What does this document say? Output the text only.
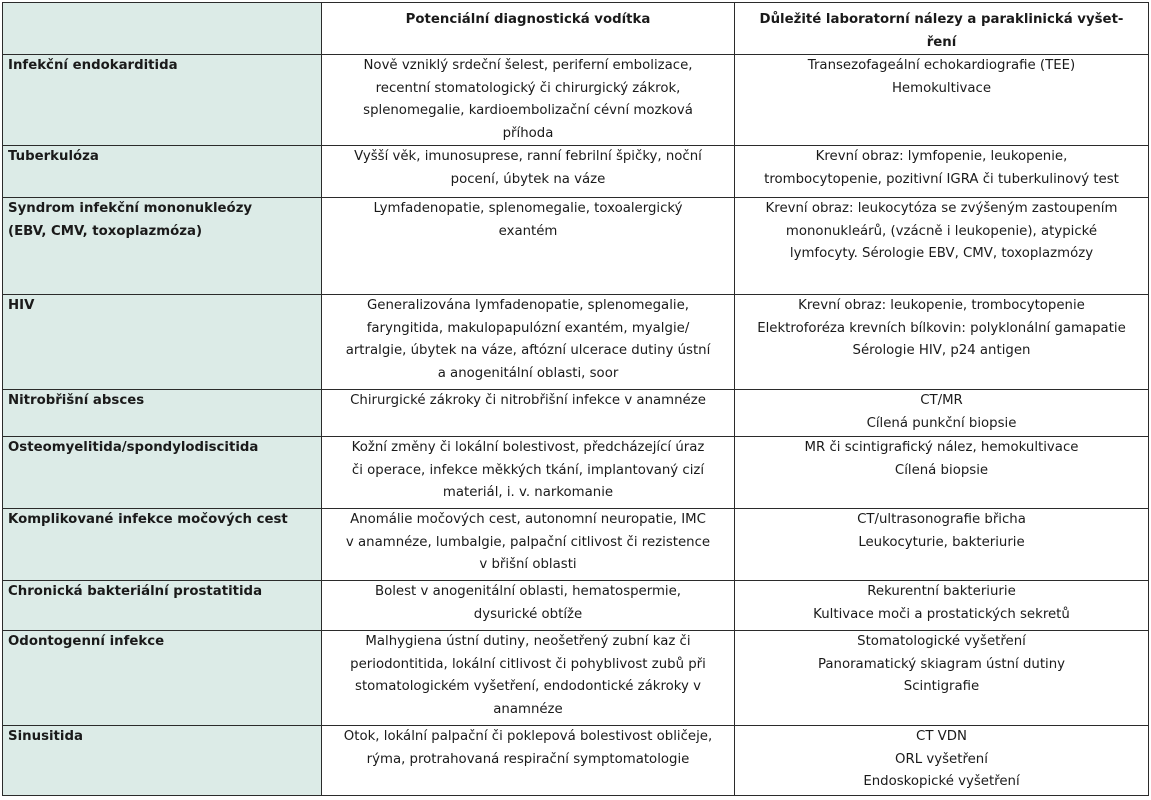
	Potenciální diagnostická vodítka	Důležité laboratorní nálezy a paraklinická vyšet-
ření
Infekční endokarditida	Nově vzniklý srdeční šelest, periferní embolizace,
recentní stomatologický či chirurgický zákrok,
splenomegalie, kardioembolizační cévní mozková
příhoda	Transezofageální echokardiografie (TEE)
Hemokultivace
Tuberkulóza	Vyšší věk, imunosuprese, ranní febrilní špičky, noční
pocení, úbytek na váze	Krevní obraz: lymfopenie, leukopenie,
trombocytopenie, pozitivní IGRA či tuberkulinový test
Syndrom infekční mononukleózy
(EBV, CMV, toxoplazmóza)	Lymfadenopatie, splenomegalie, toxoalergický
exantém	Krevní obraz: leukocytóza se zvýšeným zastoupením
mononukleárů, (vzácně i leukopenie), atypické
lymfocyty. Sérologie EBV, CMV, toxoplazmózy
HIV	Generalizována lymfadenopatie, splenomegalie,
faryngitida, makulopapulózní exantém, myalgie/
artralgie, úbytek na váze, aftózní ulcerace dutiny ústní
a anogenitální oblasti, soor	Krevní obraz: leukopenie, trombocytopenie
Elektroforéza krevních bílkovin: polyklonální gamapatie
Sérologie HIV, p24 antigen
Nitrobřišní absces	Chirurgické zákroky či nitrobřišní infekce v anamnéze	CT/MR
Cílená punkční biopsie
Osteomyelitida/spondylodiscitida	Kožní změny či lokální bolestivost, předcházející úraz
či operace, infekce měkkých tkání, implantovaný cizí
materiál, i. v. narkomanie	MR či scintigrafický nález, hemokultivace
Cílená biopsie
Komplikované infekce močových cest	Anomálie močových cest, autonomní neuropatie, IMC
v anamnéze, lumbalgie, palpační citlivost či rezistence
v břišní oblasti	CT/ultrasonografie břicha
Leukocyturie, bakteriurie
Chronická bakteriální prostatitida	Bolest v anogenitální oblasti, hematospermie,
dysurické obtíže	Rekurentní bakteriurie
Kultivace moči a prostatických sekretů
Odontogenní infekce	Malhygiena ústní dutiny, neošetřený zubní kaz či
periodontitida, lokální citlivost či pohyblivost zubů při
stomatologickém vyšetření, endodontické zákroky v
anamnéze	Stomatologické vyšetření
Panoramatický skiagram ústní dutiny
Scintigrafie
Sinusitida	Otok, lokální palpační či poklepová bolestivost obličeje,
rýma, protrahovaná respirační symptomatologie	CT VDN
ORL vyšetření
Endoskopické vyšetření
